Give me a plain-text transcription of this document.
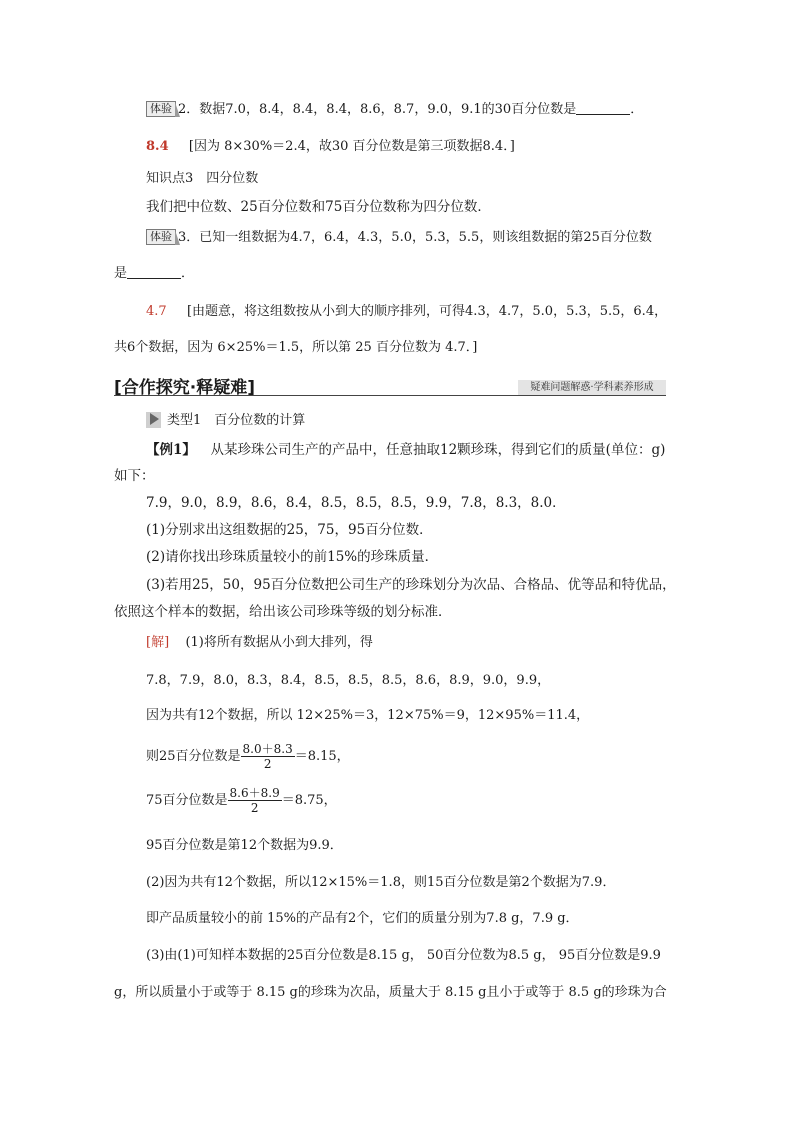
体验 2．数据7.0，8.4，8.4，8.4，8.6，8.7，9.0，9.1的30百分位数是	．
8.4 [因为 8×30%＝2.4，故30 百分位数是第三项数据8.4．]
知识点3　四分位数
我们把中位数、25百分位数和75百分位数称为四分位数．
体验 3．已知一组数据为4.7，6.4，4.3，5.0，5.3，5.5，则该组数据的第25百分位数
是	．
4.7 [由题意，将这组数按从小到大的顺序排列，可得4.3，4.7，5.0，5.3，5.5，6.4，
共6个数据，因为 6×25%＝1.5，所以第 25 百分位数为 4.7．]
[合作探究·释疑难]	疑难问题解惑·学科素养形成
类型1　百分位数的计算
【例1】 从某珍珠公司生产的产品中，任意抽取12颗珍珠，得到它们的质量(单位：g)
如下：
7.9，9.0，8.9，8.6，8.4，8.5，8.5，8.5，9.9，7.8，8.3，8.0．
(1)分别求出这组数据的25，75，95百分位数．
(2)请你找出珍珠质量较小的前15%的珍珠质量．
(3)若用25，50，95百分位数把公司生产的珍珠划分为次品、合格品、优等品和特优品，
依照这个样本的数据，给出该公司珍珠等级的划分标准．
[解] (1)将所有数据从小到大排列，得
7.8，7.9，8.0，8.3，8.4，8.5，8.5，8.5，8.6，8.9，9.0，9.9，
因为共有12个数据，所以 12×25%＝3，12×75%＝9，12×95%＝11.4，
则25百分位数是 $\frac{8.0+8.3}{2} =8.15$，
75百分位数是 $\frac{8.6+8.9}{2} =8.75$，
95百分位数是第12个数据为9.9．
(2)因为共有12个数据，所以12×15%＝1.8，则15百分位数是第2个数据为7.9．
即产品质量较小的前 15%的产品有2个，它们的质量分别为7.8 g，7.9 g．
(3)由(1)可知样本数据的25百分位数是8.15 g， 50百分位数为8.5 g， 95百分位数是9.9
g，所以质量小于或等于 8.15 g的珍珠为次品，质量大于 8.15 g且小于或等于 8.5 g的珍珠为合
